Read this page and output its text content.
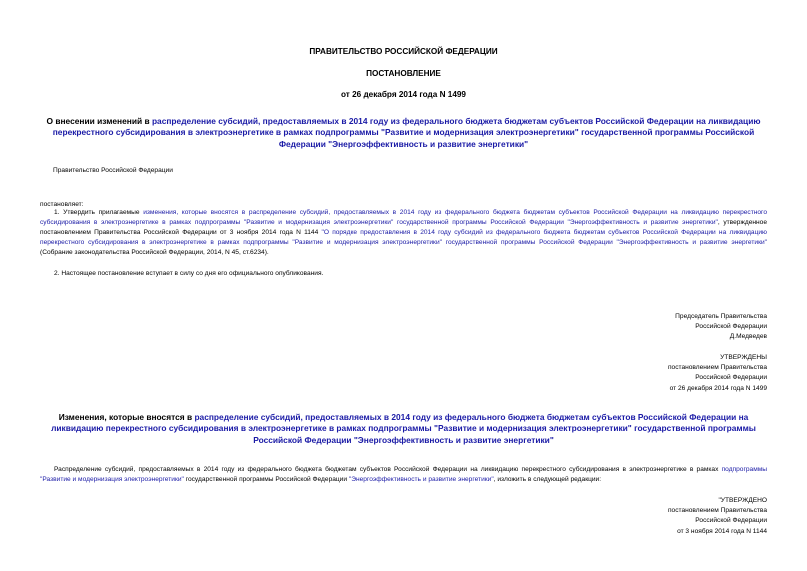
ПРАВИТЕЛЬСТВО РОССИЙСКОЙ ФЕДЕРАЦИИ
ПОСТАНОВЛЕНИЕ
от 26 декабря 2014 года N 1499
О внесении изменений в распределение субсидий, предоставляемых в 2014 году из федерального бюджета бюджетам субъектов Российской Федерации на ликвидацию перекрестного субсидирования в электроэнергетике в рамках подпрограммы "Развитие и модернизация электроэнергетики" государственной программы Российской Федерации "Энергоэффективность и развитие энергетики"
Правительство Российской Федерации
постановляет:
1. Утвердить прилагаемые изменения, которые вносятся в распределение субсидий, предоставляемых в 2014 году из федерального бюджета бюджетам субъектов Российской Федерации на ликвидацию перекрестного субсидирования в электроэнергетике в рамках подпрограммы "Развитие и модернизация электроэнергетики" государственной программы Российской Федерации "Энергоэффективность и развитие энергетики", утвержденное постановлением Правительства Российской Федерации от 3 ноября 2014 года N 1144 "О порядке предоставления в 2014 году субсидий из федерального бюджета бюджетам субъектов Российской Федерации на ликвидацию перекрестного субсидирования в электроэнергетике в рамках подпрограммы "Развитие и модернизация электроэнергетики" государственной программы Российской Федерации "Энергоэффективность и развитие энергетики" (Собрание законодательства Российской Федерации, 2014, N 45, ст.6234).
2. Настоящее постановление вступает в силу со дня его официального опубликования.
Председатель Правительства
Российской Федерации
Д.Медведев
УТВЕРЖДЕНЫ
постановлением Правительства
Российской Федерации
от 26 декабря 2014 года N 1499
Изменения, которые вносятся в распределение субсидий, предоставляемых в 2014 году из федерального бюджета бюджетам субъектов Российской Федерации на ликвидацию перекрестного субсидирования в электроэнергетике в рамках подпрограммы "Развитие и модернизация электроэнергетики" государственной программы Российской Федерации "Энергоэффективность и развитие энергетики"
Распределение субсидий, предоставляемых в 2014 году из федерального бюджета бюджетам субъектов Российской Федерации на ликвидацию перекрестного субсидирования в электроэнергетике в рамках подпрограммы "Развитие и модернизация электроэнергетики" государственной программы Российской Федерации "Энергоэффективность и развитие энергетики", изложить в следующей редакции:
"УТВЕРЖДЕНО
постановлением Правительства
Российской Федерации
от 3 ноября 2014 года N 1144
